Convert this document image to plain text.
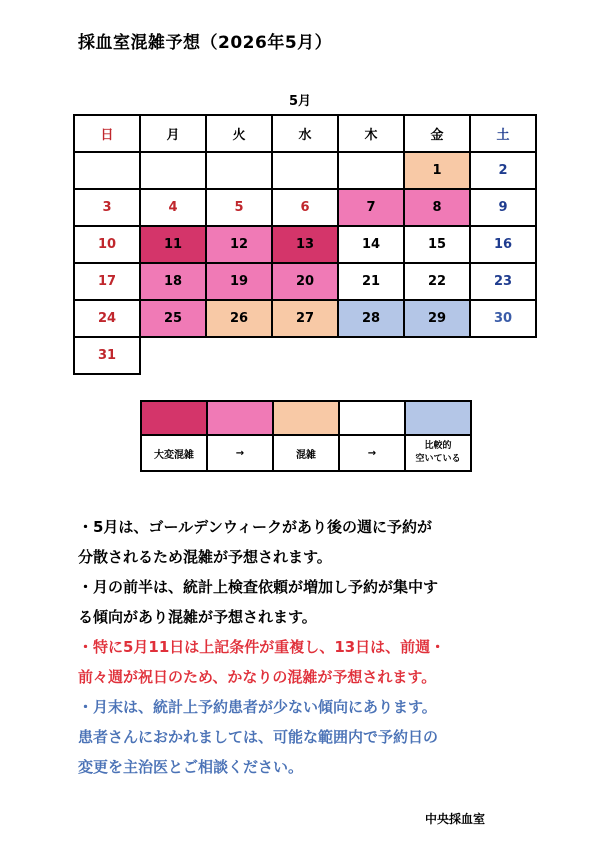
採血室混雑予想（2026年5月）
5月
日	月	火	水	木	金	土
					1	2
3	4	5	6	7	8	9
10	11	12	13	14	15	16
17	18	19	20	21	22	23
24	25	26	27	28	29	30
31						

大変混雑	→	混雑	→	比較的
空いている

・5月は、ゴールデンウィークがあり後の週に予約が

分散されるため混雑が予想されます。

・月の前半は、統計上検査依頼が増加し予約が集中す

る傾向があり混雑が予想されます。

・特に5月11日は上記条件が重複し、13日は、前週・

前々週が祝日のため、かなりの混雑が予想されます。

・月末は、統計上予約患者が少ない傾向にあります。

患者さんにおかれましては、可能な範囲内で予約日の

変更を主治医とご相談ください。

中央採血室
